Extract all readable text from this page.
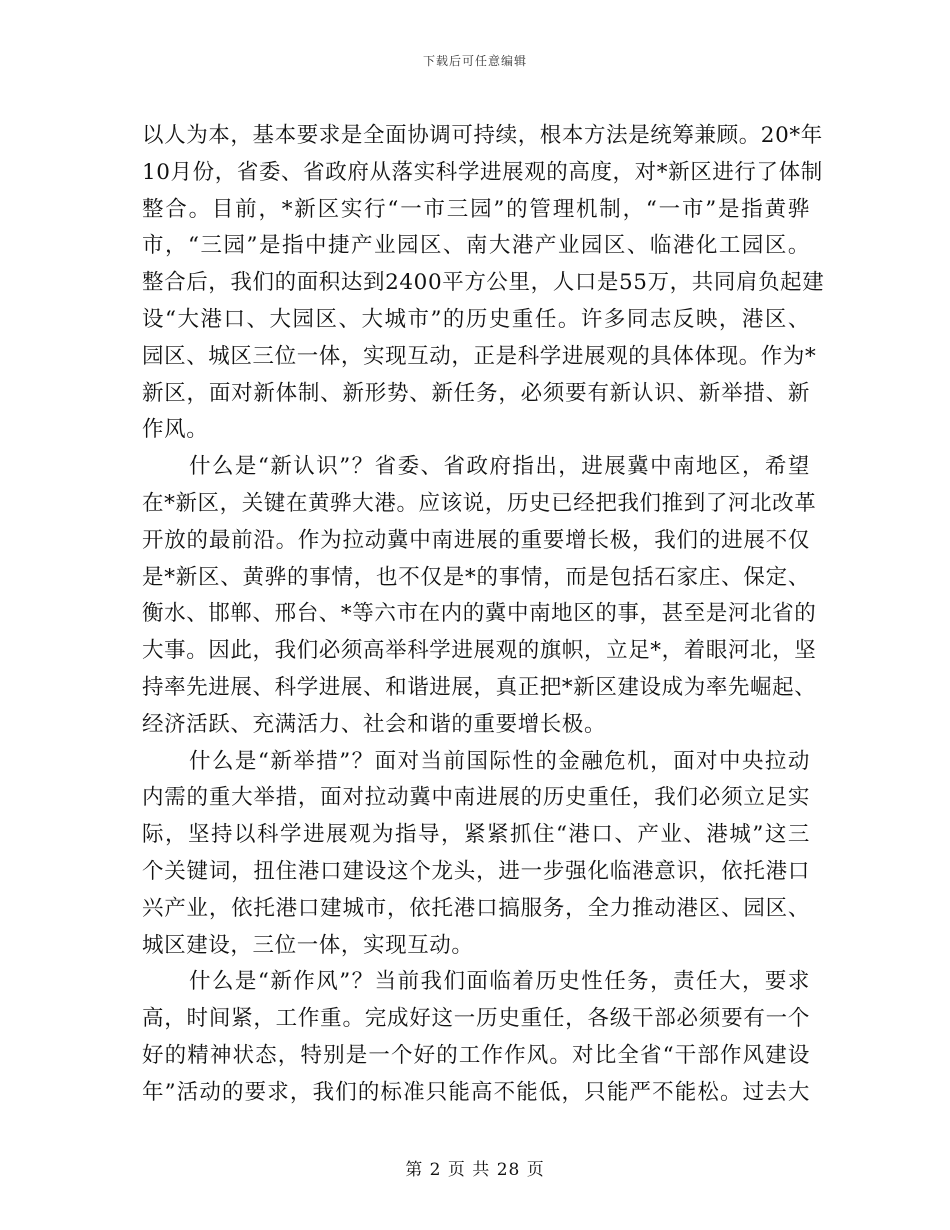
下载后可任意编辑
以人为本，基本要求是全面协调可持续，根本方法是统筹兼顾。20*年
10月份，省委、省政府从落实科学进展观的高度，对*新区进行了体制
整合。目前，*新区实行“一市三园”的管理机制，“一市”是指黄骅
市，“三园”是指中捷产业园区、南大港产业园区、临港化工园区。
整合后，我们的面积达到2400平方公里，人口是55万，共同肩负起建
设“大港口、大园区、大城市”的历史重任。许多同志反映，港区、
园区、城区三位一体，实现互动，正是科学进展观的具体体现。作为*
新区，面对新体制、新形势、新任务，必须要有新认识、新举措、新
作风。
什么是“新认识”？省委、省政府指出，进展冀中南地区，希望
在*新区，关键在黄骅大港。应该说，历史已经把我们推到了河北改革
开放的最前沿。作为拉动冀中南进展的重要增长极，我们的进展不仅
是*新区、黄骅的事情，也不仅是*的事情，而是包括石家庄、保定、
衡水、邯郸、邢台、*等六市在内的冀中南地区的事，甚至是河北省的
大事。因此，我们必须高举科学进展观的旗帜，立足*，着眼河北，坚
持率先进展、科学进展、和谐进展，真正把*新区建设成为率先崛起、
经济活跃、充满活力、社会和谐的重要增长极。
什么是“新举措”？面对当前国际性的金融危机，面对中央拉动
内需的重大举措，面对拉动冀中南进展的历史重任，我们必须立足实
际，坚持以科学进展观为指导，紧紧抓住“港口、产业、港城”这三
个关键词，扭住港口建设这个龙头，进一步强化临港意识，依托港口
兴产业，依托港口建城市，依托港口搞服务，全力推动港区、园区、
城区建设，三位一体，实现互动。
什么是“新作风”？当前我们面临着历史性任务，责任大，要求
高，时间紧，工作重。完成好这一历史重任，各级干部必须要有一个
好的精神状态，特别是一个好的工作作风。对比全省“干部作风建设
年”活动的要求，我们的标准只能高不能低，只能严不能松。过去大
第 2 页 共 28 页
